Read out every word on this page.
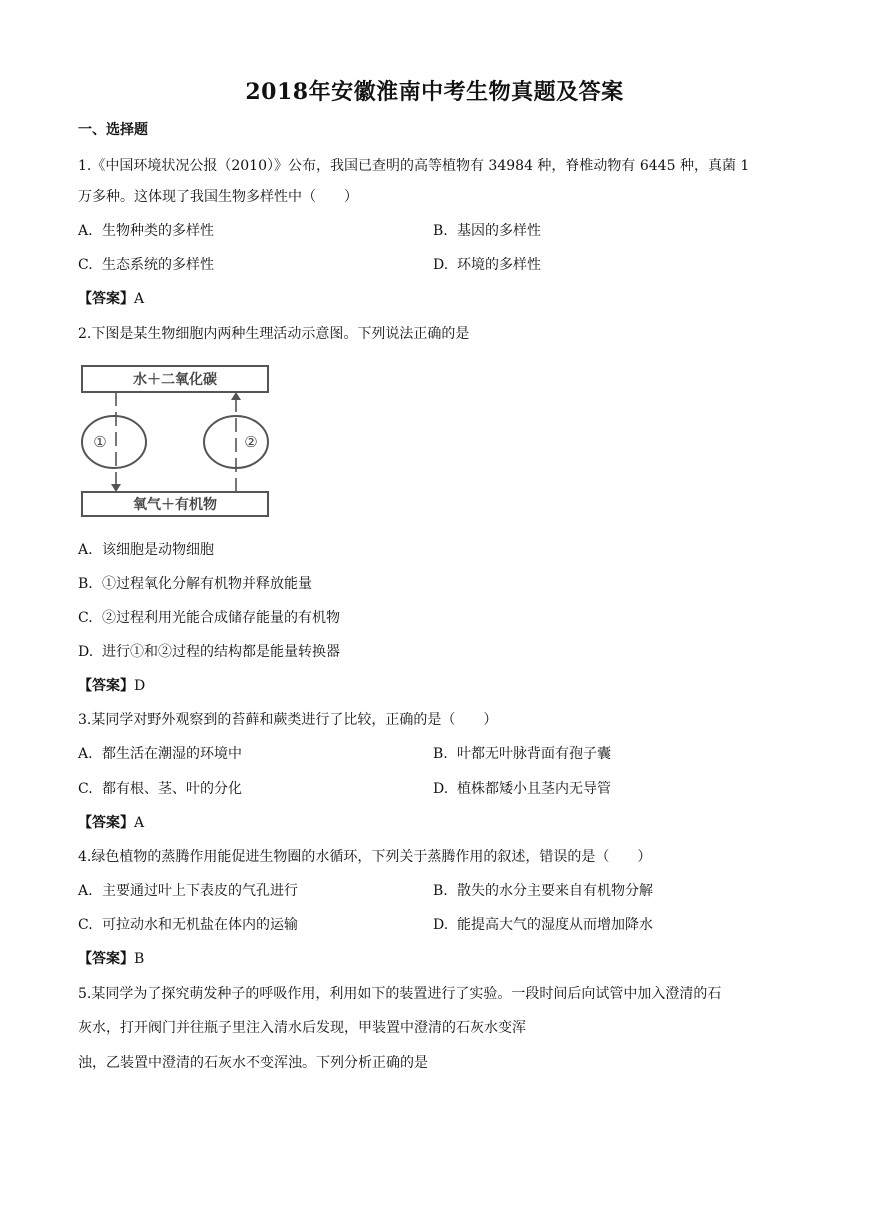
2018年安徽淮南中考生物真题及答案
一、选择题
1.《中国环境状况公报（2010）》公布，我国已查明的高等植物有 34984 种，脊椎动物有 6445 种，真菌 1
万多种。这体现了我国生物多样性中（　　）
A. 生物种类的多样性	B. 基因的多样性
C. 生态系统的多样性	D. 环境的多样性
【答案】A
2.下图是某生物细胞内两种生理活动示意图。下列说法正确的是
水＋二氧化碳
氧气＋有机物
①	②
A. 该细胞是动物细胞
B. ①过程氧化分解有机物并释放能量
C. ②过程利用光能合成储存能量的有机物
D. 进行①和②过程的结构都是能量转换器
【答案】D
3.某同学对野外观察到的苔藓和蕨类进行了比较，正确的是（　　）
A. 都生活在潮湿的环境中	B. 叶都无叶脉背面有孢子囊
C. 都有根、茎、叶的分化	D. 植株都矮小且茎内无导管
【答案】A
4.绿色植物的蒸腾作用能促进生物圈的水循环，下列关于蒸腾作用的叙述，错误的是（　　）
A. 主要通过叶上下表皮的气孔进行	B. 散失的水分主要来自有机物分解
C. 可拉动水和无机盐在体内的运输	D. 能提高大气的湿度从而增加降水
【答案】B
5.某同学为了探究萌发种子的呼吸作用，利用如下的装置进行了实验。一段时间后向试管中加入澄清的石
灰水，打开阀门并往瓶子里注入清水后发现，甲装置中澄清的石灰水变浑
浊，乙装置中澄清的石灰水不变浑浊。下列分析正确的是
